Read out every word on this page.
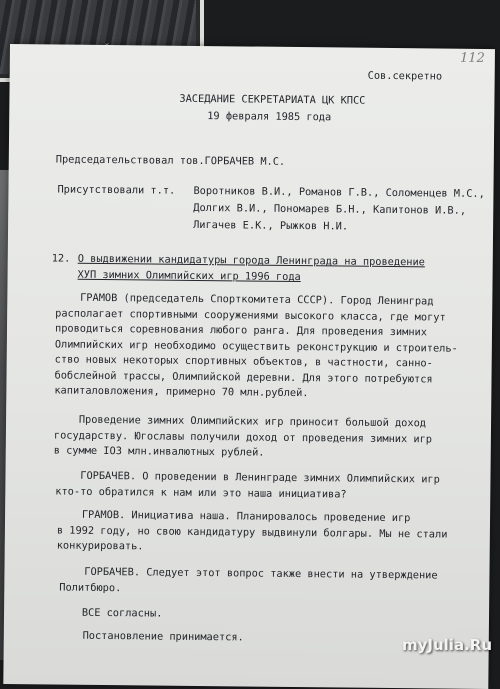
112
Сов.секретно
ЗАСЕДАНИЕ СЕКРЕТАРИАТА ЦК КПСС
19 февраля 1985 года
Председательствовал тов.ГОРБАЧЕВ М.С.
Присутствовали т.т. Воротников В.И., Романов Г.В., Соломенцев М.С.,
Долгих В.И., Пономарев Б.Н., Капитонов И.В.,
Лигачев Е.К., Рыжков Н.И.
12. О выдвижении кандидатуры города Ленинграда на проведение
ХУП зимних Олимпийских игр 1996 года
ГРАМОВ (председатель Спорткомитета СССР). Город Ленинград
располагает спортивными сооружениями высокого класса, где могут
проводиться соревнования любого ранга. Для проведения зимних
Олимпийских игр необходимо осуществить реконструкцию и строитель-
ство новых некоторых спортивных объектов, в частности, санно-
бобслейной трассы, Олимпийской деревни. Для этого потребуются
капиталовложения, примерно 70 млн.рублей.
Проведение зимних Олимпийских игр приносит большой доход
государству. Югославы получили доход от проведения зимних игр
в сумме IO3 млн.инвалютных рублей.
ГОРБАЧЕВ. О проведении в Ленинграде зимних Олимпийских игр
кто-то обратился к нам или это наша инициатива?
ГРАМОВ. Инициатива наша. Планировалось проведение игр
в 1992 году, но свою кандидатуру выдвинули болгары. Мы не стали
конкурировать.
ГОРБАЧЕВ. Следует этот вопрос также внести на утверждение
Политбюро.
ВСЕ согласны.
Постановление принимается.	myJulia.Ru
